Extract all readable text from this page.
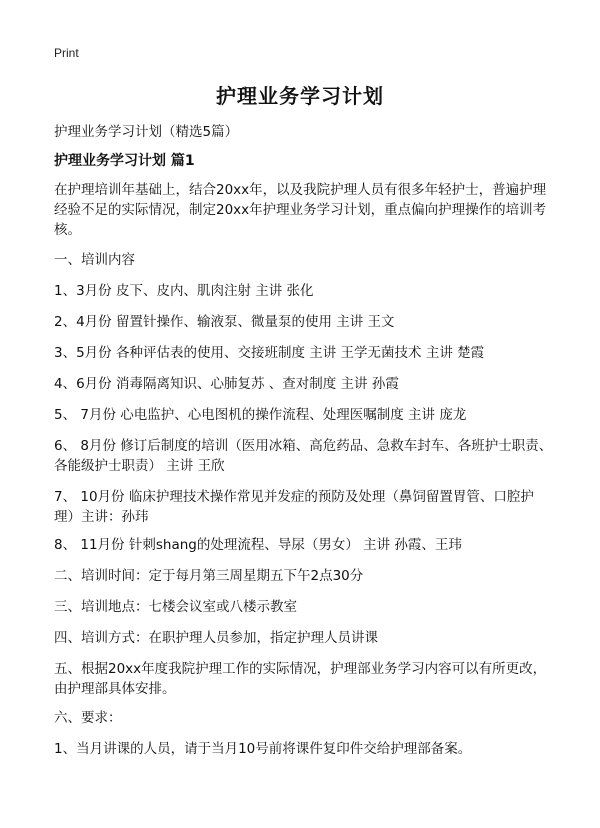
Print
护理业务学习计划
护理业务学习计划（精选5篇）
护理业务学习计划 篇1

在护理培训年基础上，结合20xx年，以及我院护理人员有很多年轻护士，普遍护理经验不足的实际情况，制定20xx年护理业务学习计划，重点偏向护理操作的培训考核。

一、培训内容

1、3月份 皮下、皮内、肌肉注射 主讲 张化

2、4月份 留置针操作、输液泵、微量泵的使用 主讲 王文

3、5月份 各种评估表的使用、交接班制度 主讲 王学无菌技术 主讲 楚霞

4、6月份 消毒隔离知识、心肺复苏 、查对制度 主讲 孙霞

5、 7月份 心电监护、心电图机的操作流程、处理医嘱制度 主讲 庞龙

6、 8月份 修订后制度的培训（医用冰箱、高危药品、急救车封车、各班护士职责、各能级护士职责） 主讲 王欣

7、 10月份 临床护理技术操作常见并发症的预防及处理（鼻饲留置胃管、口腔护理）主讲：孙玮

8、 11月份 针刺shang的处理流程、导尿（男女） 主讲 孙霞、王玮

二、培训时间：定于每月第三周星期五下午2点30分

三、培训地点：七楼会议室或八楼示教室

四、培训方式：在职护理人员参加，指定护理人员讲课

五、根据20xx年度我院护理工作的实际情况，护理部业务学习内容可以有所更改，由护理部具体安排。

六、要求：

1、当月讲课的人员，请于当月10号前将课件复印件交给护理部备案。
